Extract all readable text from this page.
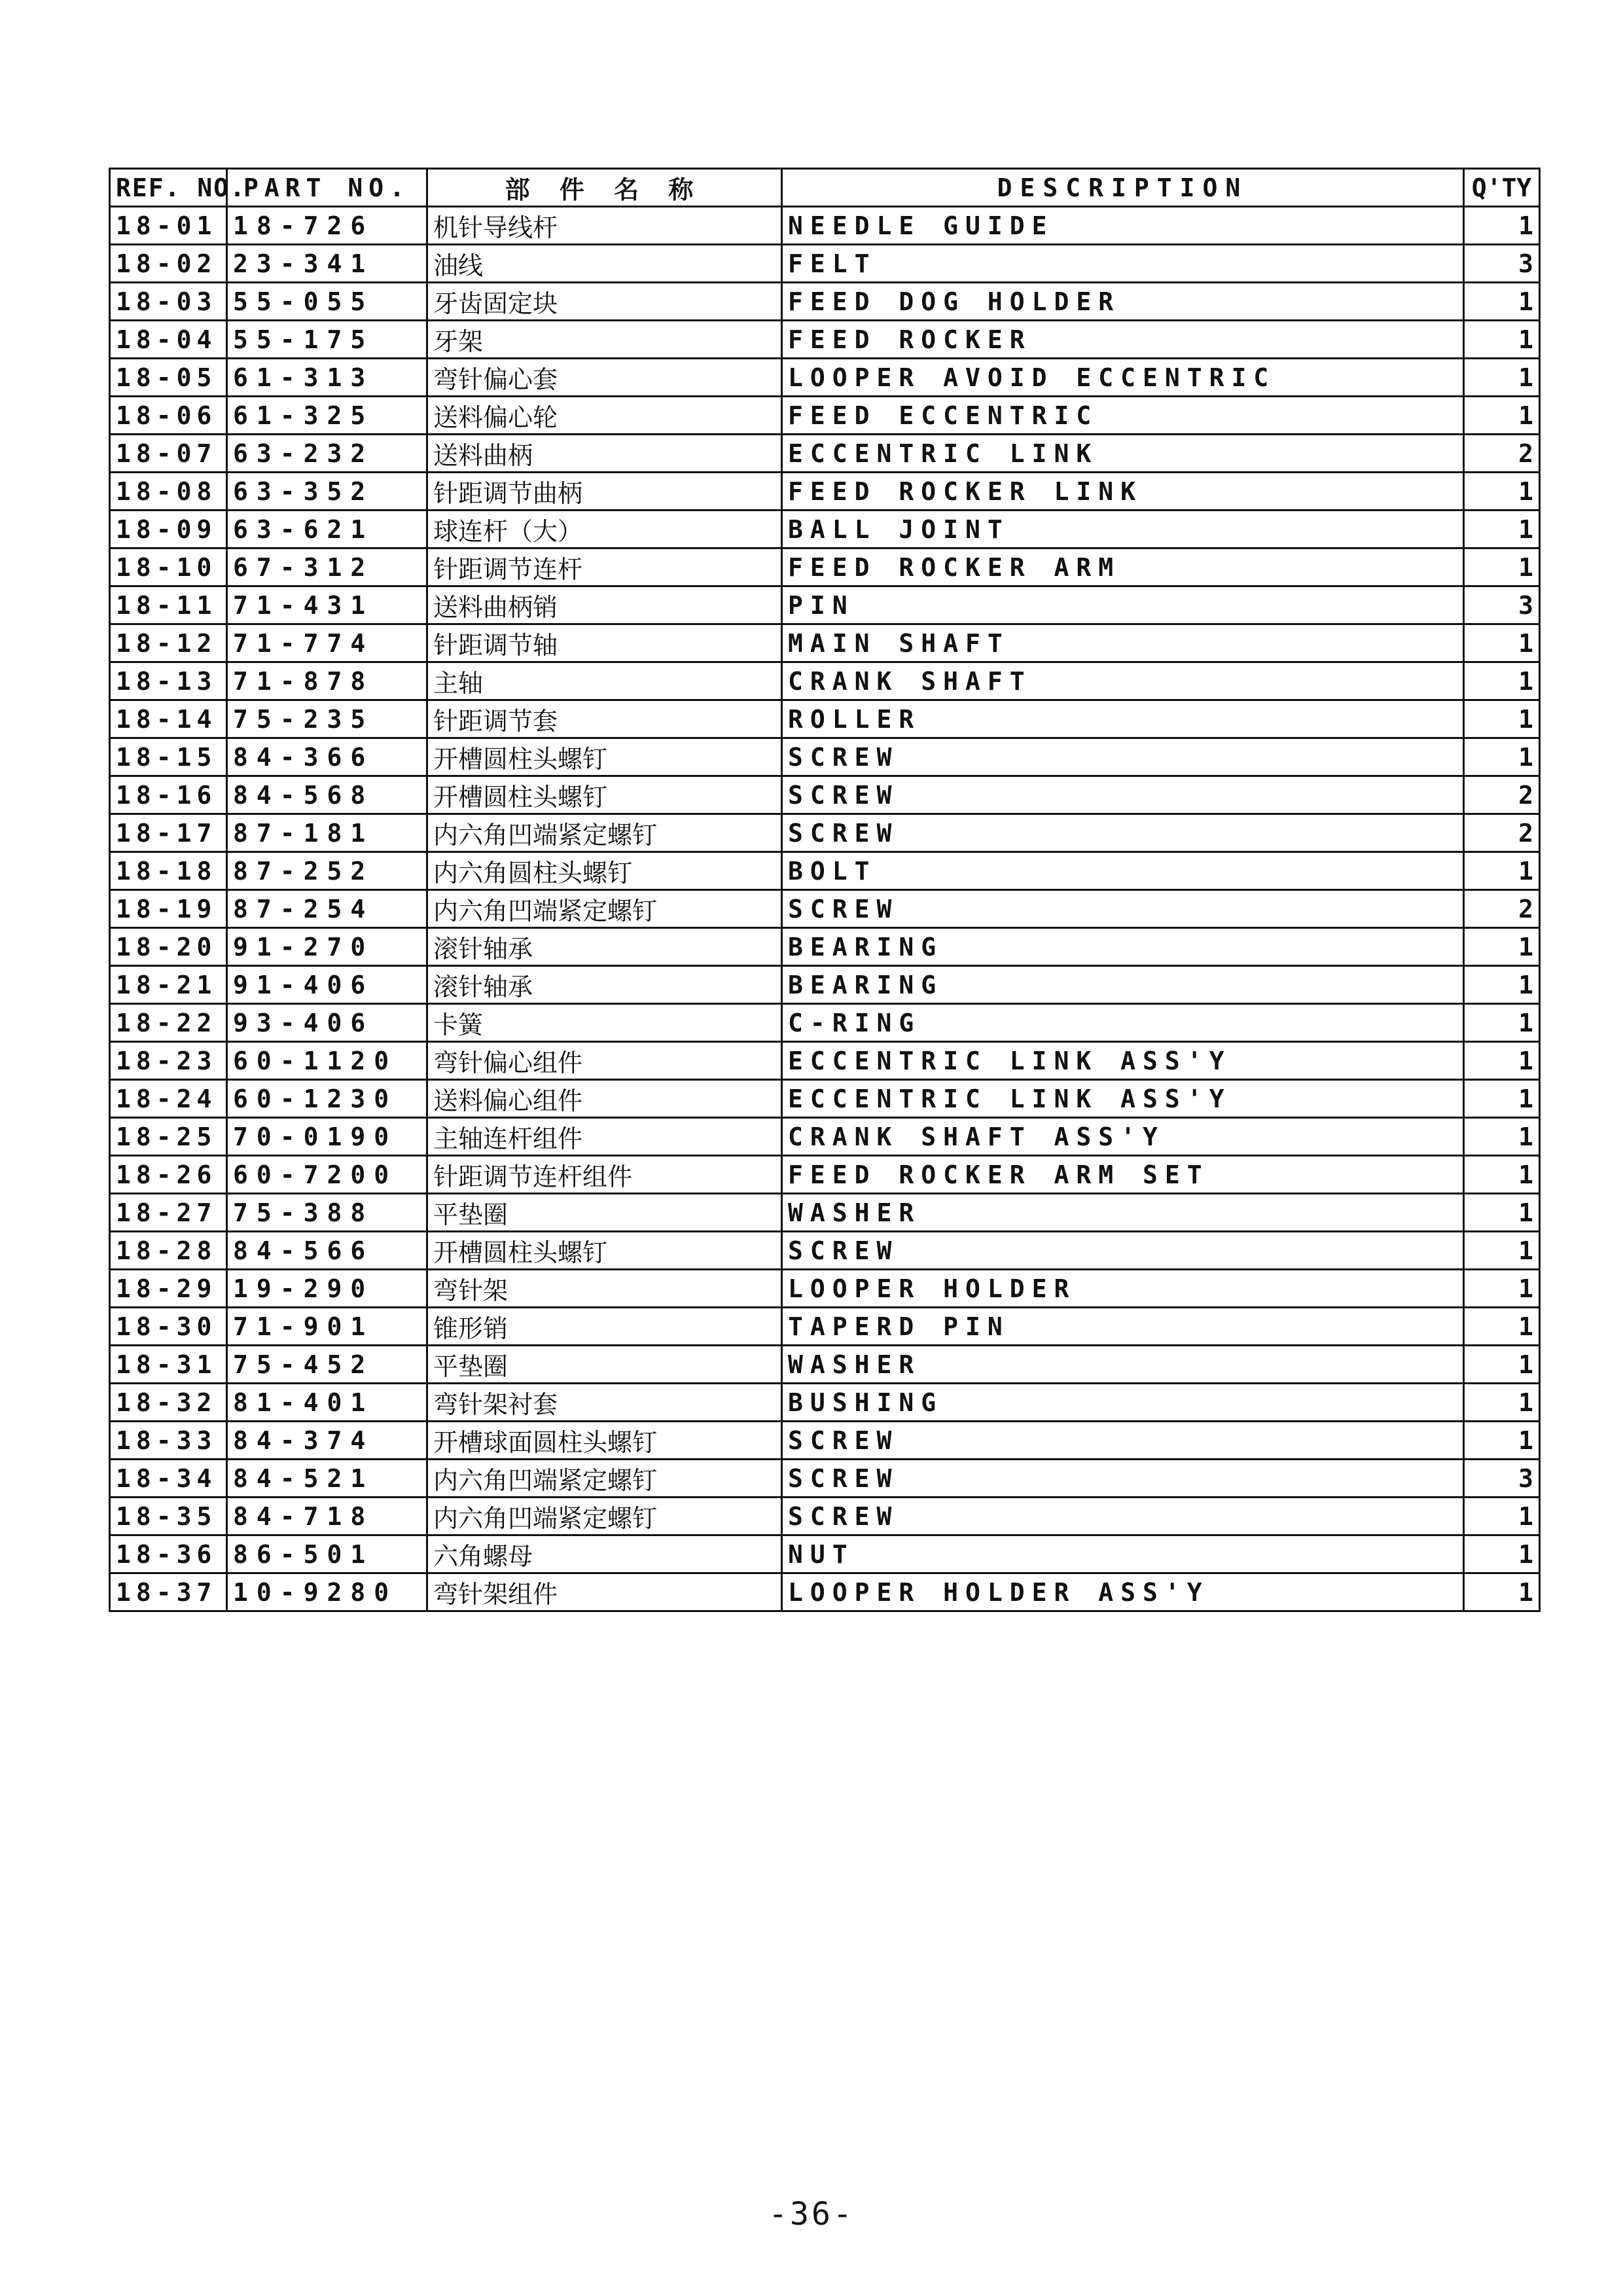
REF. NO.	PART NO.	部 件 名 称	DESCRIPTION	Q'TY
18-01	18-726	机针导线杆	NEEDLE GUIDE	1
18-02	23-341	油线	FELT	3
18-03	55-055	牙齿固定块	FEED DOG HOLDER	1
18-04	55-175	牙架	FEED ROCKER	1
18-05	61-313	弯针偏心套	LOOPER AVOID ECCENTRIC	1
18-06	61-325	送料偏心轮	FEED ECCENTRIC	1
18-07	63-232	送料曲柄	ECCENTRIC LINK	2
18-08	63-352	针距调节曲柄	FEED ROCKER LINK	1
18-09	63-621	球连杆（大）	BALL JOINT	1
18-10	67-312	针距调节连杆	FEED ROCKER ARM	1
18-11	71-431	送料曲柄销	PIN	3
18-12	71-774	针距调节轴	MAIN SHAFT	1
18-13	71-878	主轴	CRANK SHAFT	1
18-14	75-235	针距调节套	ROLLER	1
18-15	84-366	开槽圆柱头螺钉	SCREW	1
18-16	84-568	开槽圆柱头螺钉	SCREW	2
18-17	87-181	内六角凹端紧定螺钉	SCREW	2
18-18	87-252	内六角圆柱头螺钉	BOLT	1
18-19	87-254	内六角凹端紧定螺钉	SCREW	2
18-20	91-270	滚针轴承	BEARING	1
18-21	91-406	滚针轴承	BEARING	1
18-22	93-406	卡簧	C-RING	1
18-23	60-1120	弯针偏心组件	ECCENTRIC LINK ASS'Y	1
18-24	60-1230	送料偏心组件	ECCENTRIC LINK ASS'Y	1
18-25	70-0190	主轴连杆组件	CRANK SHAFT ASS'Y	1
18-26	60-7200	针距调节连杆组件	FEED ROCKER ARM SET	1
18-27	75-388	平垫圈	WASHER	1
18-28	84-566	开槽圆柱头螺钉	SCREW	1
18-29	19-290	弯针架	LOOPER HOLDER	1
18-30	71-901	锥形销	TAPERD PIN	1
18-31	75-452	平垫圈	WASHER	1
18-32	81-401	弯针架衬套	BUSHING	1
18-33	84-374	开槽球面圆柱头螺钉	SCREW	1
18-34	84-521	内六角凹端紧定螺钉	SCREW	3
18-35	84-718	内六角凹端紧定螺钉	SCREW	1
18-36	86-501	六角螺母	NUT	1
18-37	10-9280	弯针架组件	LOOPER HOLDER ASS'Y	1
-36-
